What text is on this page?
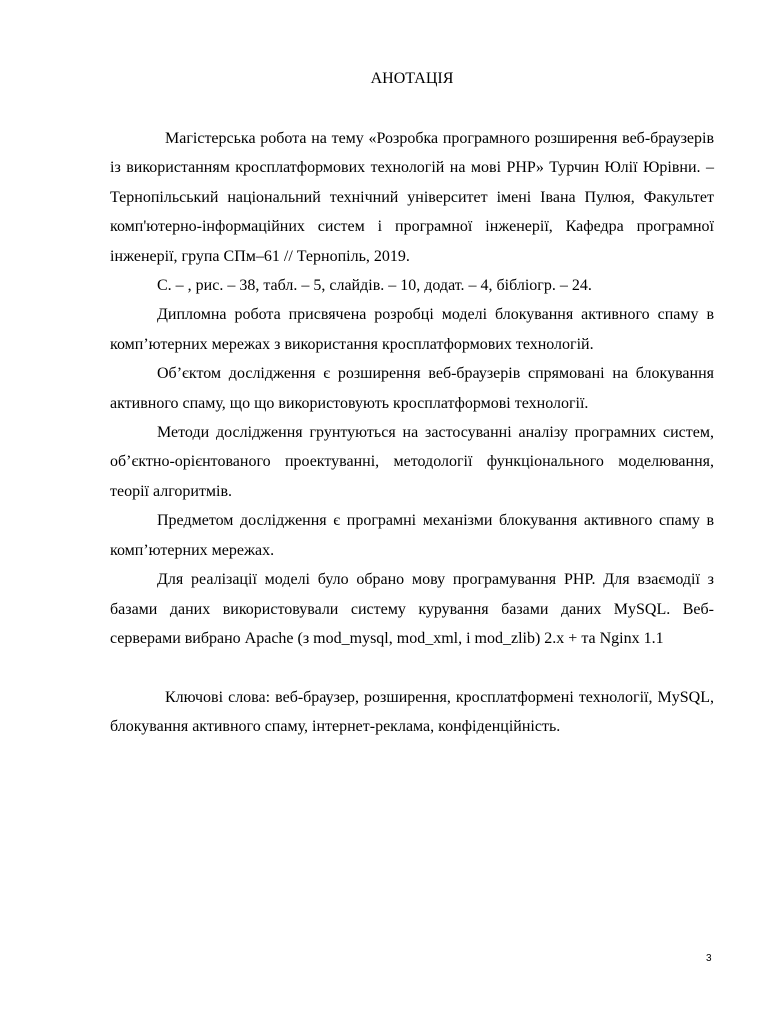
АНОТАЦІЯ

Магістерська робота на тему «Розробка програмного розширення веб-браузерів із використанням кросплатформових технологій на мові PHP» Турчин Юлії Юрівни. – Тернопільський національний технічний університет імені Івана Пулюя, Факультет комп'ютерно-інформаційних систем і програмної інженерії, Кафедра програмної інженерії, група СПм–61 // Тернопіль, 2019.

С. – , рис. – 38, табл. – 5, слайдів. – 10, додат. – 4, бібліогр. – 24.

Дипломна робота присвячена розробці моделі блокування активного спаму в комп’ютерних мережах з використання кросплатформових технологій.

Об’єктом дослідження є розширення веб-браузерів спрямовані на блокування активного спаму, що що використовують кросплатформові технології.

Методи дослідження грунтуються на застосуванні аналізу програмних систем, об’єктно-орієнтованого проектуванні, методології функціонального моделювання, теорії алгоритмів.

Предметом дослідження є програмні механізми блокування активного спаму в комп’ютерних мережах.

Для реалізації моделі було обрано мову програмування PHP. Для взаємодії з базами даних використовували систему курування базами даних MySQL. Веб-серверами вибрано Apache (з mod_mysql, mod_xml, і mod_zlib) 2.х + та Nginx 1.1

Ключові слова: веб-браузер, розширення, кросплатформені технології, MySQL, блокування активного спаму, інтернет-реклама, конфіденційність.

3
